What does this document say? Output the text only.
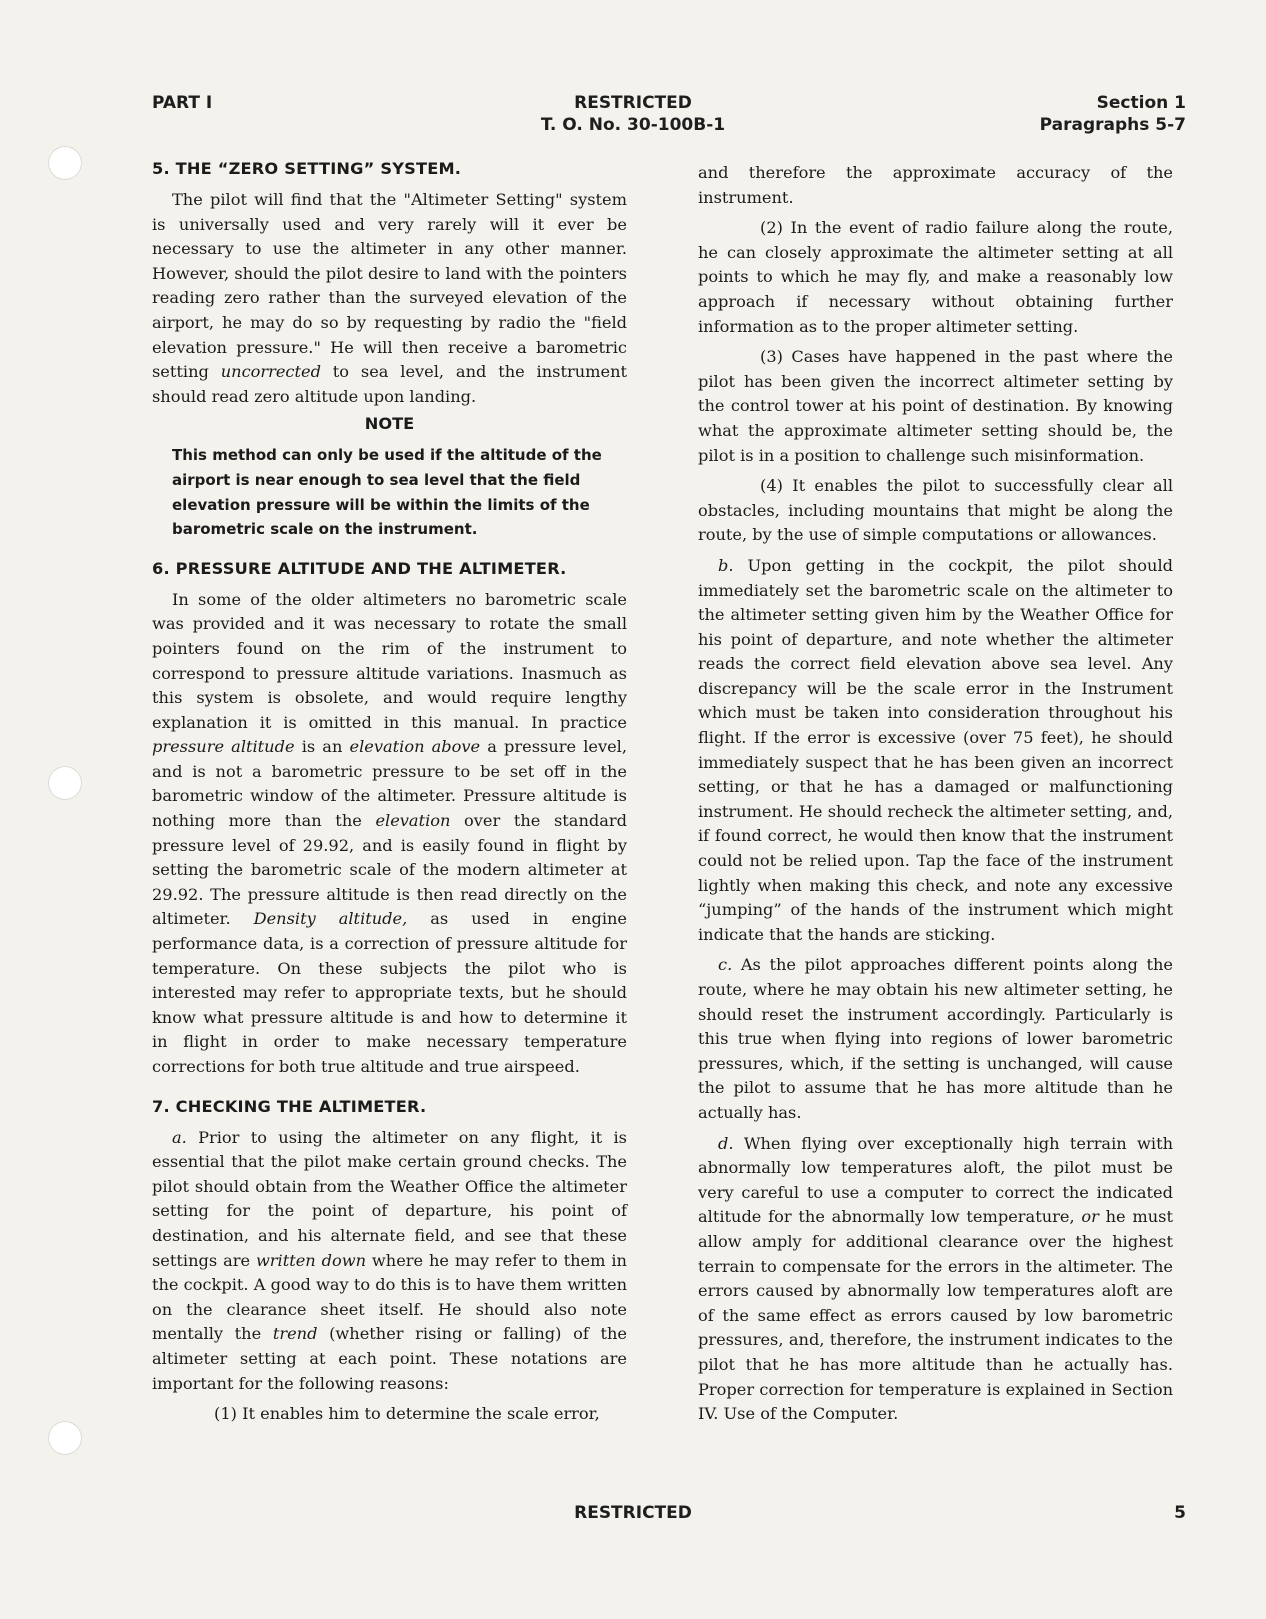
PART I	RESTRICTED
T. O. No. 30-100B-1
Section 1
Paragraphs 5-7
5. THE “ZERO SETTING” SYSTEM.

The pilot will find that the "Altimeter Setting" system is universally used and very rarely will it ever be necessary to use the altimeter in any other manner. However, should the pilot desire to land with the pointers reading zero rather than the surveyed elevation of the airport, he may do so by requesting by radio the "field elevation pressure." He will then receive a barometric setting uncorrected to sea level, and the instrument should read zero altitude upon landing.

NOTE
This method can only be used if the altitude of the airport is near enough to sea level that the field elevation pressure will be within the limits of the barometric scale on the instrument.
6. PRESSURE ALTITUDE AND THE ALTIMETER.

In some of the older altimeters no barometric scale was provided and it was necessary to rotate the small pointers found on the rim of the instrument to correspond to pressure altitude variations. Inasmuch as this system is obsolete, and would require lengthy explanation it is omitted in this manual. In practice pressure altitude is an elevation above a pressure level, and is not a barometric pressure to be set off in the barometric window of the altimeter. Pressure altitude is nothing more than the elevation over the standard pressure level of 29.92, and is easily found in flight by setting the barometric scale of the modern altimeter at 29.92. The pressure altitude is then read directly on the altimeter. Density altitude, as used in engine performance data, is a correction of pressure altitude for temperature. On these subjects the pilot who is interested may refer to appropriate texts, but he should know what pressure altitude is and how to determine it in flight in order to make necessary temperature corrections for both true altitude and true airspeed.

7. CHECKING THE ALTIMETER.

a. Prior to using the altimeter on any flight, it is essential that the pilot make certain ground checks. The pilot should obtain from the Weather Office the altimeter setting for the point of departure, his point of destination, and his alternate field, and see that these settings are written down where he may refer to them in the cockpit. A good way to do this is to have them written on the clearance sheet itself. He should also note mentally the trend (whether rising or falling) of the altimeter setting at each point. These notations are important for the following reasons:

(1) It enables him to determine the scale error,

and therefore the approximate accuracy of the instrument.

(2) In the event of radio failure along the route, he can closely approximate the altimeter setting at all points to which he may fly, and make a reasonably low approach if necessary without obtaining further information as to the proper altimeter setting.

(3) Cases have happened in the past where the pilot has been given the incorrect altimeter setting by the control tower at his point of destination. By knowing what the approximate altimeter setting should be, the pilot is in a position to challenge such misinformation.

(4) It enables the pilot to successfully clear all obstacles, including mountains that might be along the route, by the use of simple computations or allowances.

b. Upon getting in the cockpit, the pilot should immediately set the barometric scale on the altimeter to the altimeter setting given him by the Weather Office for his point of departure, and note whether the altimeter reads the correct field elevation above sea level. Any discrepancy will be the scale error in the Instrument which must be taken into consideration throughout his flight. If the error is excessive (over 75 feet), he should immediately suspect that he has been given an incorrect setting, or that he has a damaged or malfunctioning instrument. He should recheck the altimeter setting, and, if found correct, he would then know that the instrument could not be relied upon. Tap the face of the instrument lightly when making this check, and note any excessive “jumping” of the hands of the instrument which might indicate that the hands are sticking.

c. As the pilot approaches different points along the route, where he may obtain his new altimeter setting, he should reset the instrument accordingly. Particularly is this true when flying into regions of lower barometric pressures, which, if the setting is unchanged, will cause the pilot to assume that he has more altitude than he actually has.

d. When flying over exceptionally high terrain with abnormally low temperatures aloft, the pilot must be very careful to use a computer to correct the indicated altitude for the abnormally low temperature, or he must allow amply for additional clearance over the highest terrain to compensate for the errors in the altimeter. The errors caused by abnormally low temperatures aloft are of the same effect as errors caused by low barometric pressures, and, therefore, the instrument indicates to the pilot that he has more altitude than he actually has. Proper correction for temperature is explained in Section IV. Use of the Computer.

RESTRICTED	5
